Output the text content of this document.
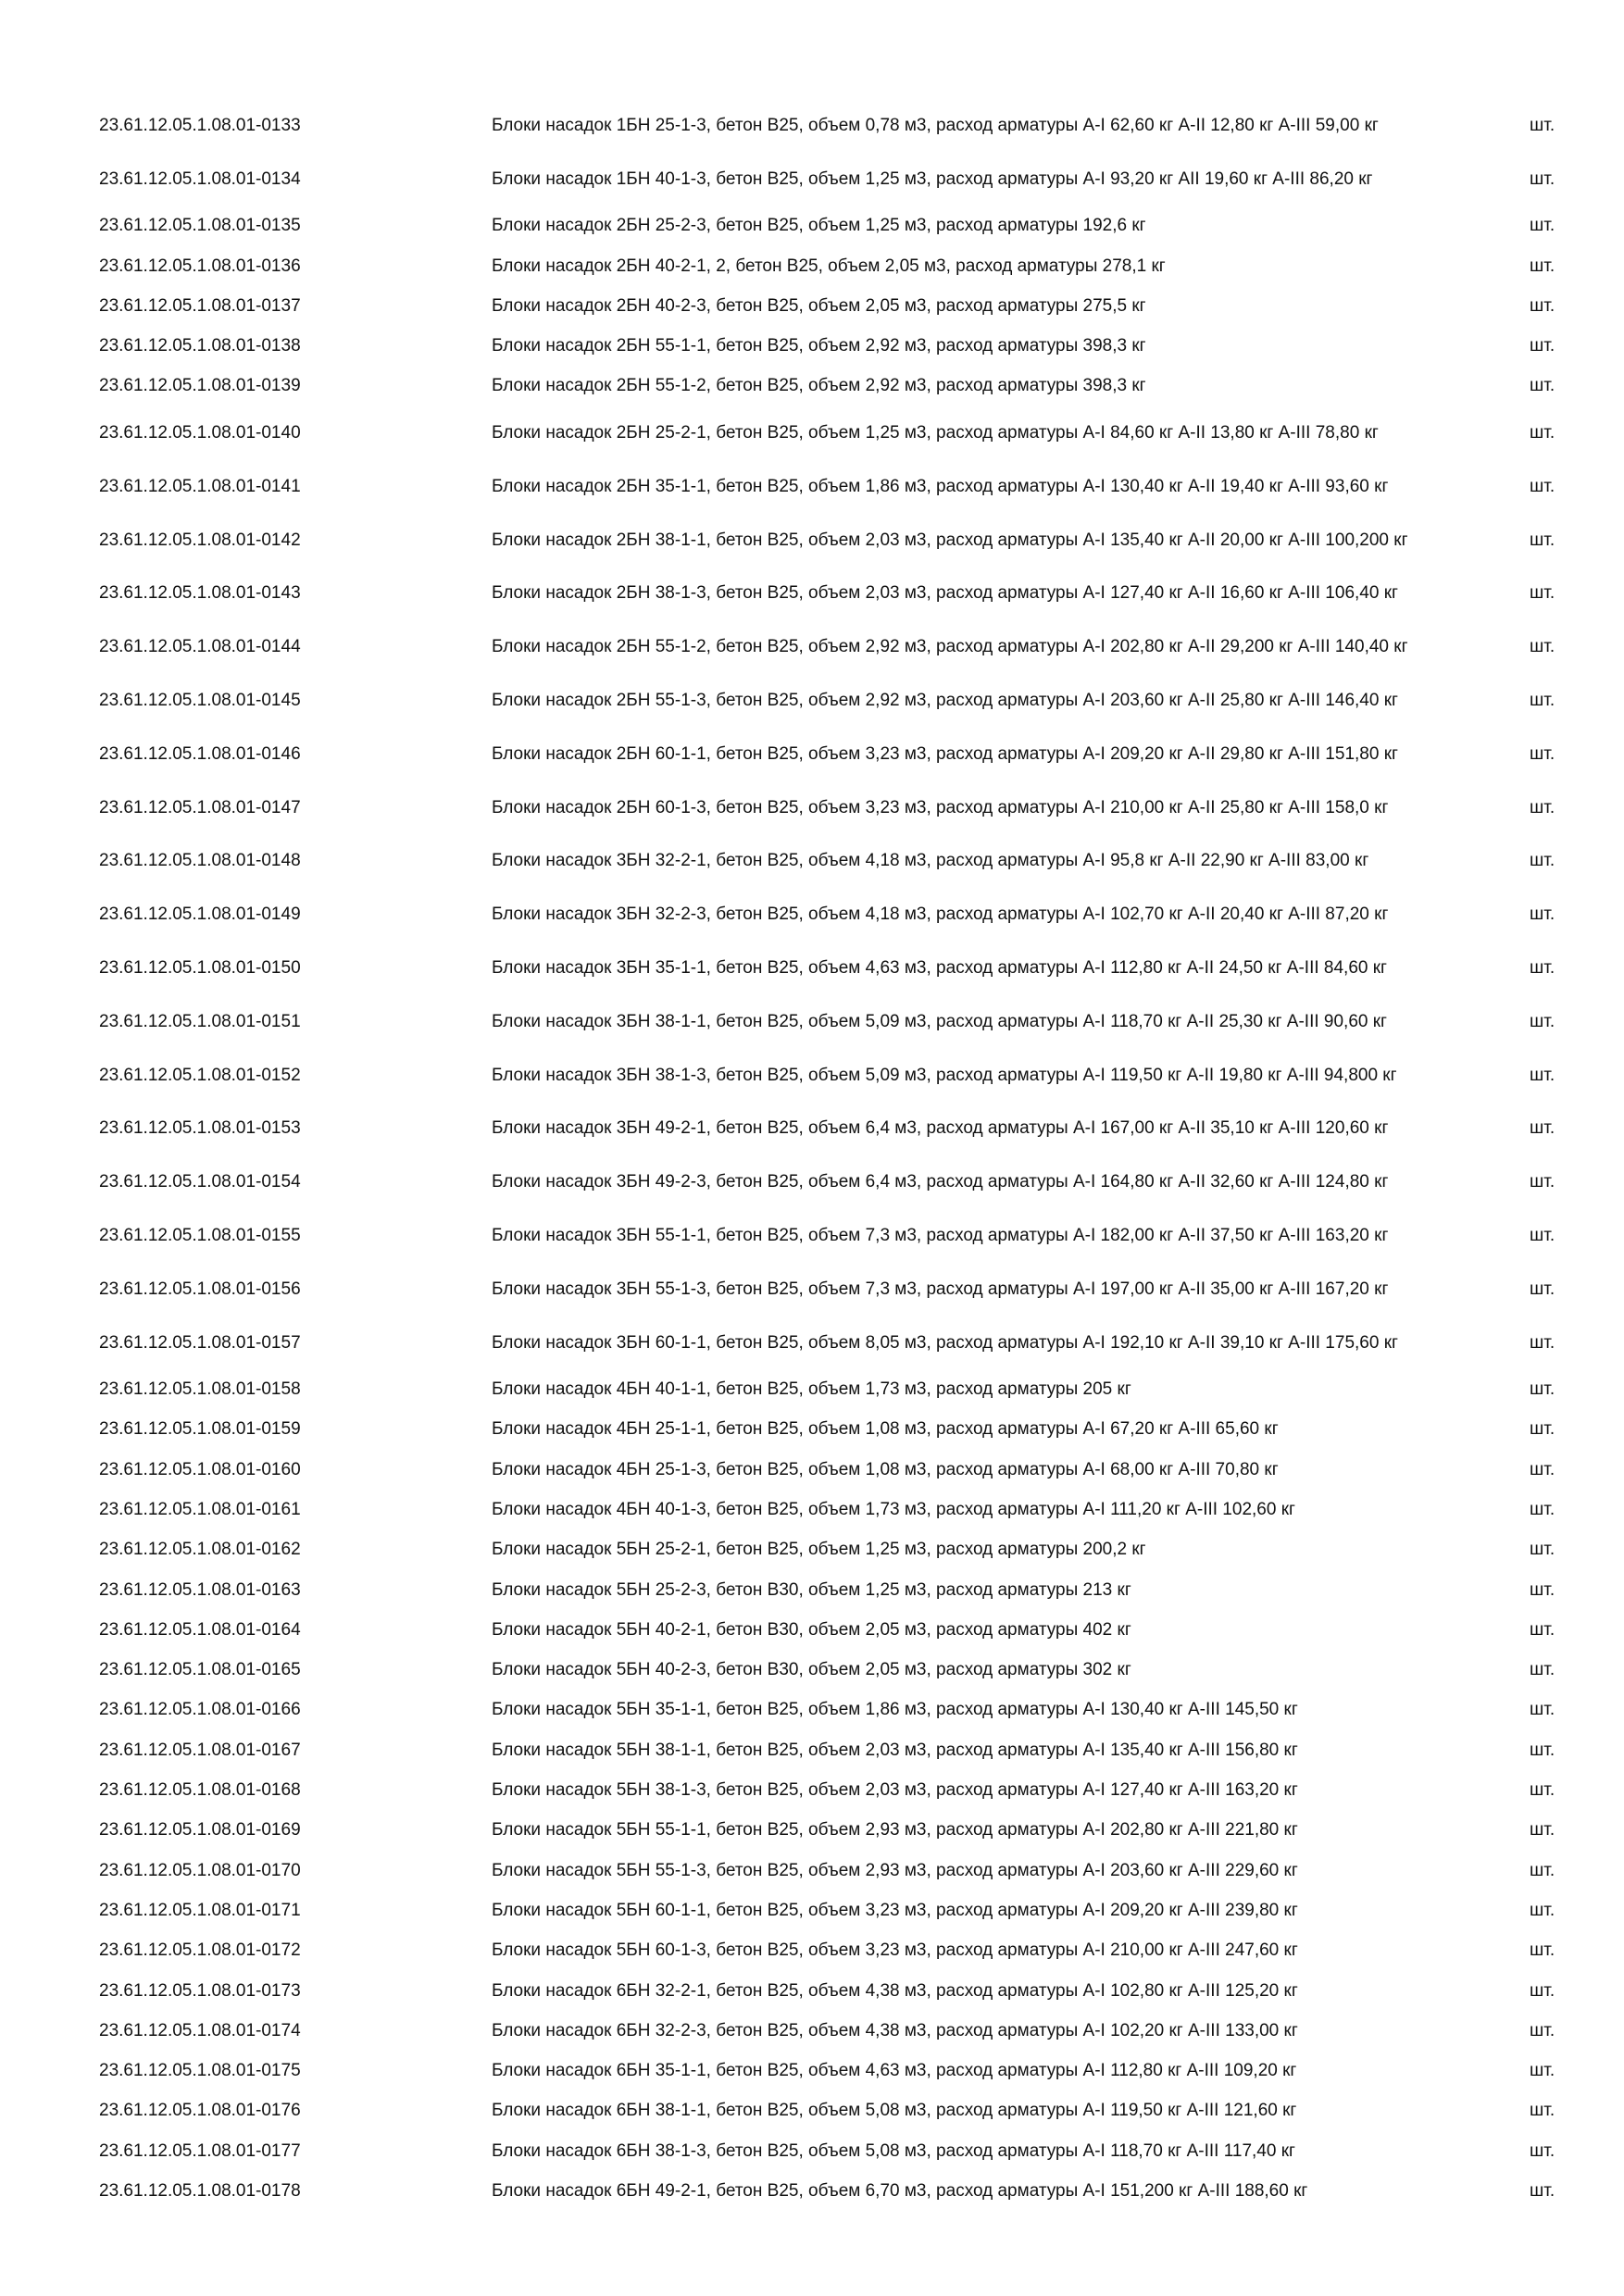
23.61.12.05.1.08.01-0133	Блоки насадок 1БН 25-1-3, бетон В25, объем 0,78 м3, расход арматуры А-I 62,60 кг А-II 12,80 кг А-III 59,00 кг	шт.
23.61.12.05.1.08.01-0134	Блоки насадок 1БН 40-1-3, бетон В25, объем 1,25 м3, расход арматуры А-I 93,20 кг АII 19,60 кг А-III 86,20 кг	шт.
23.61.12.05.1.08.01-0135	Блоки насадок 2БН 25-2-3, бетон В25, объем 1,25 м3, расход арматуры 192,6 кг	шт.
23.61.12.05.1.08.01-0136	Блоки насадок 2БН 40-2-1, 2, бетон В25, объем 2,05 м3, расход арматуры 278,1 кг	шт.
23.61.12.05.1.08.01-0137	Блоки насадок 2БН 40-2-3, бетон В25, объем 2,05 м3, расход арматуры 275,5 кг	шт.
23.61.12.05.1.08.01-0138	Блоки насадок 2БН 55-1-1, бетон В25, объем 2,92 м3, расход арматуры 398,3 кг	шт.
23.61.12.05.1.08.01-0139	Блоки насадок 2БН 55-1-2, бетон В25, объем 2,92 м3, расход арматуры 398,3 кг	шт.
23.61.12.05.1.08.01-0140	Блоки насадок 2БН 25-2-1, бетон В25, объем 1,25 м3, расход арматуры А-I 84,60 кг А-II 13,80 кг А-III 78,80 кг	шт.
23.61.12.05.1.08.01-0141	Блоки насадок 2БН 35-1-1, бетон В25, объем 1,86 м3, расход арматуры А-I 130,40 кг А-II 19,40 кг А-III 93,60 кг	шт.
23.61.12.05.1.08.01-0142	Блоки насадок 2БН 38-1-1, бетон В25, объем 2,03 м3, расход арматуры А-I 135,40 кг А-II 20,00 кг А-III 100,200 кг	шт.
23.61.12.05.1.08.01-0143	Блоки насадок 2БН 38-1-3, бетон В25, объем 2,03 м3, расход арматуры А-I 127,40 кг А-II 16,60 кг А-III 106,40 кг	шт.
23.61.12.05.1.08.01-0144	Блоки насадок 2БН 55-1-2, бетон В25, объем 2,92 м3, расход арматуры А-I 202,80 кг А-II 29,200 кг А-III 140,40 кг	шт.
23.61.12.05.1.08.01-0145	Блоки насадок 2БН 55-1-3, бетон В25, объем 2,92 м3, расход арматуры А-I 203,60 кг А-II 25,80 кг А-III 146,40 кг	шт.
23.61.12.05.1.08.01-0146	Блоки насадок 2БН 60-1-1, бетон В25, объем 3,23 м3, расход арматуры А-I 209,20 кг А-II 29,80 кг А-III 151,80 кг	шт.
23.61.12.05.1.08.01-0147	Блоки насадок 2БН 60-1-3, бетон В25, объем 3,23 м3, расход арматуры А-I 210,00 кг А-II 25,80 кг А-III 158,0 кг	шт.
23.61.12.05.1.08.01-0148	Блоки насадок 3БН 32-2-1, бетон В25, объем 4,18 м3, расход арматуры А-I 95,8 кг А-II 22,90 кг А-III 83,00 кг	шт.
23.61.12.05.1.08.01-0149	Блоки насадок 3БН 32-2-3, бетон В25, объем 4,18 м3, расход арматуры А-I 102,70 кг А-II 20,40 кг А-III 87,20 кг	шт.
23.61.12.05.1.08.01-0150	Блоки насадок 3БН 35-1-1, бетон В25, объем 4,63 м3, расход арматуры А-I 112,80 кг А-II 24,50 кг А-III 84,60 кг	шт.
23.61.12.05.1.08.01-0151	Блоки насадок 3БН 38-1-1, бетон В25, объем 5,09 м3, расход арматуры А-I 118,70 кг А-II 25,30 кг А-III 90,60 кг	шт.
23.61.12.05.1.08.01-0152	Блоки насадок 3БН 38-1-3, бетон В25, объем 5,09 м3, расход арматуры А-I 119,50 кг А-II 19,80 кг А-III 94,800 кг	шт.
23.61.12.05.1.08.01-0153	Блоки насадок 3БН 49-2-1, бетон В25, объем 6,4 м3, расход арматуры А-I 167,00 кг А-II 35,10 кг А-III 120,60 кг	шт.
23.61.12.05.1.08.01-0154	Блоки насадок 3БН 49-2-3, бетон В25, объем 6,4 м3, расход арматуры А-I 164,80 кг А-II 32,60 кг А-III 124,80 кг	шт.
23.61.12.05.1.08.01-0155	Блоки насадок 3БН 55-1-1, бетон В25, объем 7,3 м3, расход арматуры А-I 182,00 кг А-II 37,50 кг А-III 163,20 кг	шт.
23.61.12.05.1.08.01-0156	Блоки насадок 3БН 55-1-3, бетон В25, объем 7,3 м3, расход арматуры А-I 197,00 кг А-II 35,00 кг А-III 167,20 кг	шт.
23.61.12.05.1.08.01-0157	Блоки насадок 3БН 60-1-1, бетон В25, объем 8,05 м3, расход арматуры А-I 192,10 кг А-II 39,10 кг А-III 175,60 кг	шт.
23.61.12.05.1.08.01-0158	Блоки насадок 4БН 40-1-1, бетон В25, объем 1,73 м3, расход арматуры 205 кг	шт.
23.61.12.05.1.08.01-0159	Блоки насадок 4БН 25-1-1, бетон В25, объем 1,08 м3, расход арматуры А-I 67,20 кг А-III 65,60 кг	шт.
23.61.12.05.1.08.01-0160	Блоки насадок 4БН 25-1-3, бетон В25, объем 1,08 м3, расход арматуры А-I 68,00 кг А-III 70,80 кг	шт.
23.61.12.05.1.08.01-0161	Блоки насадок 4БН 40-1-3, бетон В25, объем 1,73 м3, расход арматуры А-I 111,20 кг А-III 102,60 кг	шт.
23.61.12.05.1.08.01-0162	Блоки насадок 5БН 25-2-1, бетон В25, объем 1,25 м3, расход арматуры 200,2 кг	шт.
23.61.12.05.1.08.01-0163	Блоки насадок 5БН 25-2-3, бетон В30, объем 1,25 м3, расход арматуры 213 кг	шт.
23.61.12.05.1.08.01-0164	Блоки насадок 5БН 40-2-1, бетон В30, объем 2,05 м3, расход арматуры 402 кг	шт.
23.61.12.05.1.08.01-0165	Блоки насадок 5БН 40-2-3, бетон В30, объем 2,05 м3, расход арматуры 302 кг	шт.
23.61.12.05.1.08.01-0166	Блоки насадок 5БН 35-1-1, бетон В25, объем 1,86 м3, расход арматуры А-I 130,40 кг А-III 145,50 кг	шт.
23.61.12.05.1.08.01-0167	Блоки насадок 5БН 38-1-1, бетон В25, объем 2,03 м3, расход арматуры А-I 135,40 кг А-III 156,80 кг	шт.
23.61.12.05.1.08.01-0168	Блоки насадок 5БН 38-1-3, бетон В25, объем 2,03 м3, расход арматуры А-I 127,40 кг А-III 163,20 кг	шт.
23.61.12.05.1.08.01-0169	Блоки насадок 5БН 55-1-1, бетон В25, объем 2,93 м3, расход арматуры А-I 202,80 кг А-III 221,80 кг	шт.
23.61.12.05.1.08.01-0170	Блоки насадок 5БН 55-1-3, бетон В25, объем 2,93 м3, расход арматуры А-I 203,60 кг А-III 229,60 кг	шт.
23.61.12.05.1.08.01-0171	Блоки насадок 5БН 60-1-1, бетон В25, объем 3,23 м3, расход арматуры А-I 209,20 кг А-III 239,80 кг	шт.
23.61.12.05.1.08.01-0172	Блоки насадок 5БН 60-1-3, бетон В25, объем 3,23 м3, расход арматуры А-I 210,00 кг А-III 247,60 кг	шт.
23.61.12.05.1.08.01-0173	Блоки насадок 6БН 32-2-1, бетон В25, объем 4,38 м3, расход арматуры А-I 102,80 кг А-III 125,20 кг	шт.
23.61.12.05.1.08.01-0174	Блоки насадок 6БН 32-2-3, бетон В25, объем 4,38 м3, расход арматуры А-I 102,20 кг А-III 133,00 кг	шт.
23.61.12.05.1.08.01-0175	Блоки насадок 6БН 35-1-1, бетон В25, объем 4,63 м3, расход арматуры А-I 112,80 кг А-III 109,20 кг	шт.
23.61.12.05.1.08.01-0176	Блоки насадок 6БН 38-1-1, бетон В25, объем 5,08 м3, расход арматуры А-I 119,50 кг А-III 121,60 кг	шт.
23.61.12.05.1.08.01-0177	Блоки насадок 6БН 38-1-3, бетон В25, объем 5,08 м3, расход арматуры А-I 118,70 кг А-III 117,40 кг	шт.
23.61.12.05.1.08.01-0178	Блоки насадок 6БН 49-2-1, бетон В25, объем 6,70 м3, расход арматуры А-I 151,200 кг А-III 188,60 кг	шт.
